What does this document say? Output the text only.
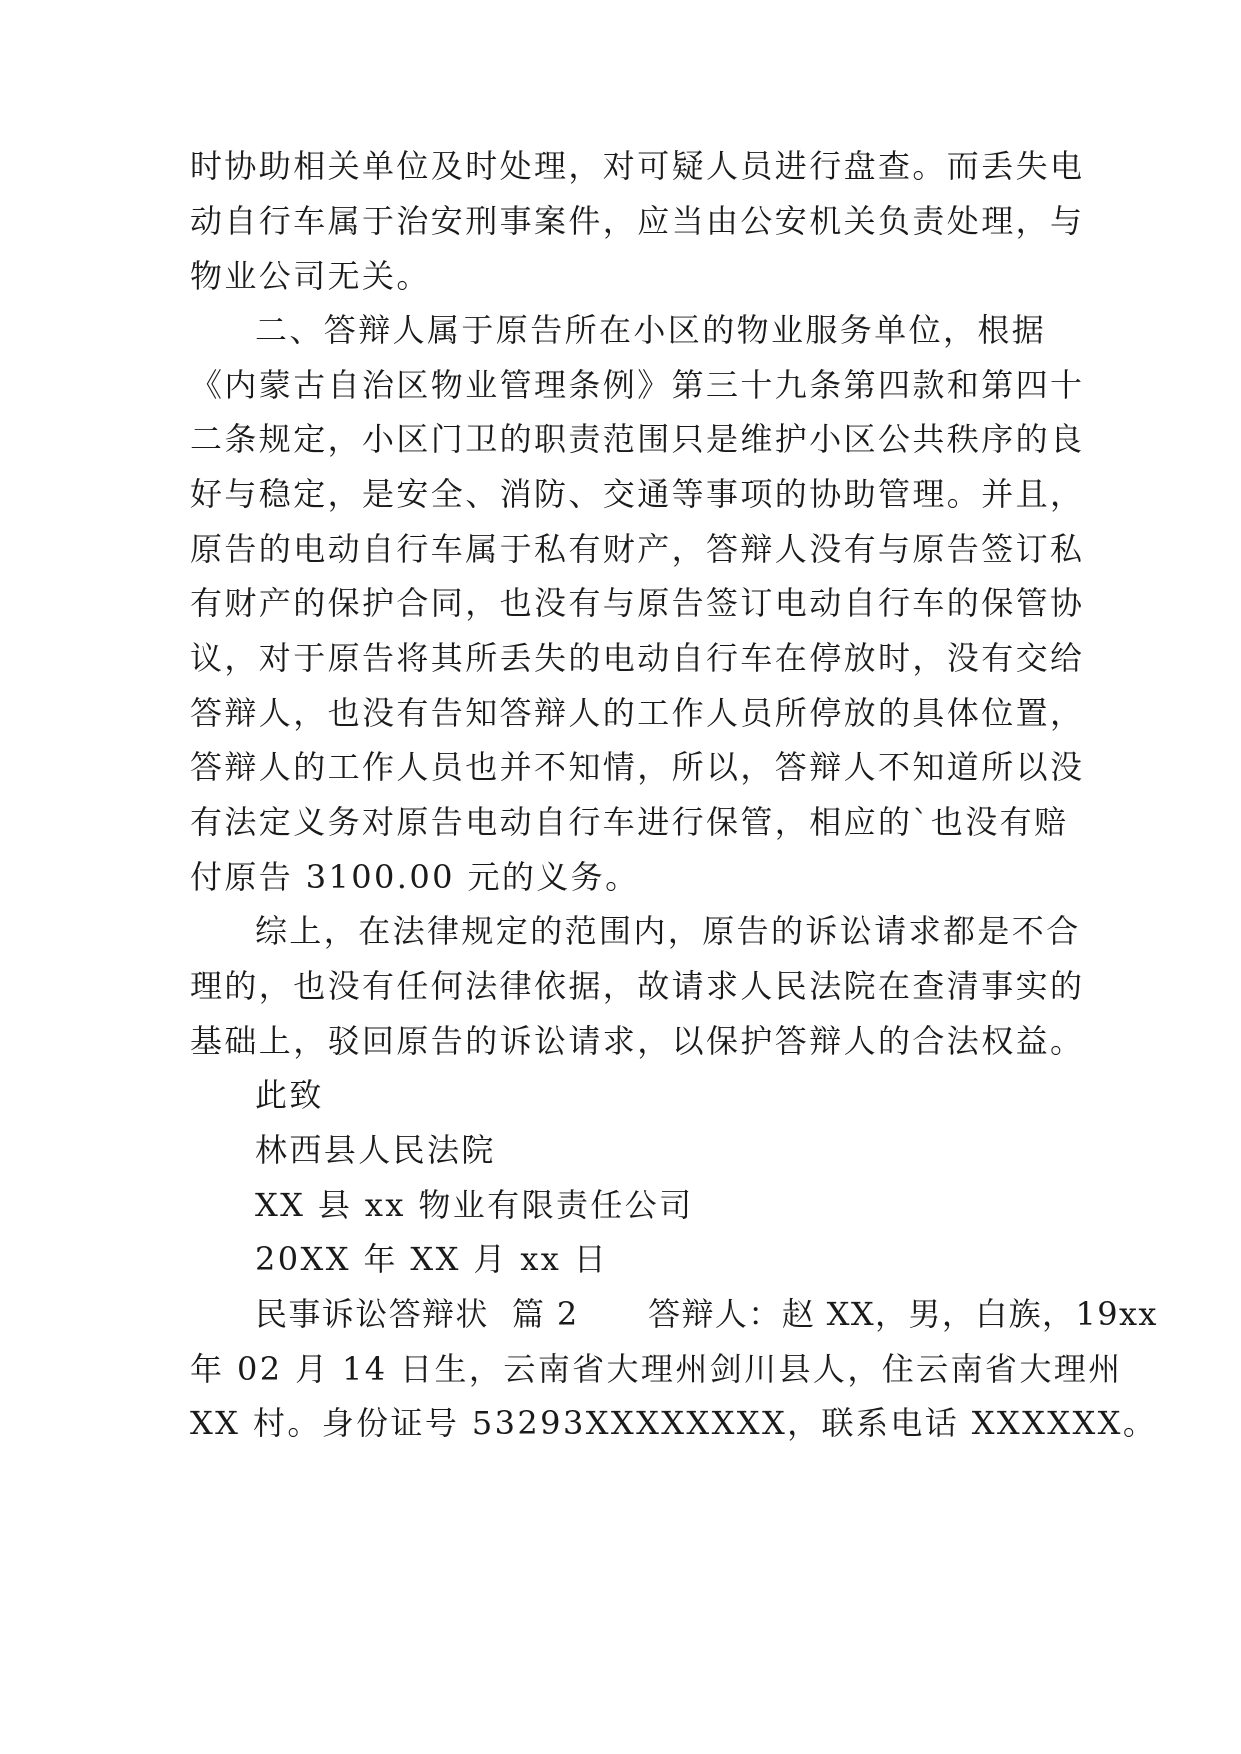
时协助相关单位及时处理，对可疑人员进行盘查。而丢失电
动自行车属于治安刑事案件，应当由公安机关负责处理，与
物业公司无关。
二、答辩人属于原告所在小区的物业服务单位，根据
《内蒙古自治区物业管理条例》第三十九条第四款和第四十
二条规定，小区门卫的职责范围只是维护小区公共秩序的良
好与稳定，是安全、消防、交通等事项的协助管理。并且，
原告的电动自行车属于私有财产，答辩人没有与原告签订私
有财产的保护合同，也没有与原告签订电动自行车的保管协
议，对于原告将其所丢失的电动自行车在停放时，没有交给
答辩人，也没有告知答辩人的工作人员所停放的具体位置，
答辩人的工作人员也并不知情，所以，答辩人不知道所以没
有法定义务对原告电动自行车进行保管，相应的`也没有赔
付原告 3100.00 元的义务。
综上，在法律规定的范围内，原告的诉讼请求都是不合
理的，也没有任何法律依据，故请求人民法院在查清事实的
基础上，驳回原告的诉讼请求，以保护答辩人的合法权益。
此致
林西县人民法院
XX 县 xx 物业有限责任公司
20XX 年 XX 月 xx 日
民事诉讼答辩状  篇 2      答辩人：赵 XX，男，白族，19xx
年 02 月 14 日生，云南省大理州剑川县人，住云南省大理州
XX 村。身份证号 53293XXXXXXXX，联系电话 XXXXXX。
